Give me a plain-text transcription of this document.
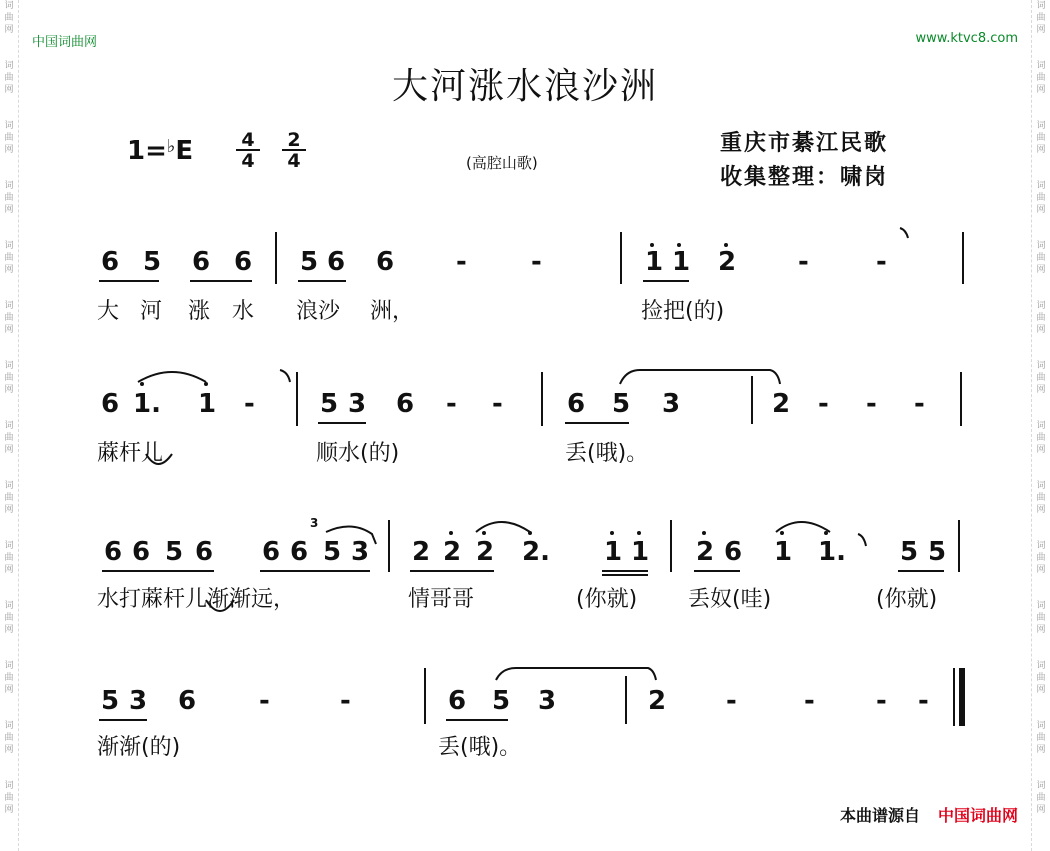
词曲网
词曲网
词曲网
词曲网
词曲网
词曲网
词曲网
词曲网
词曲网
词曲网
词曲网
词曲网
词曲网
词曲网
词曲网
词曲网
词曲网
词曲网
词曲网
词曲网
词曲网
词曲网
词曲网
词曲网
词曲网
词曲网
词曲网
词曲网
中国词曲网	www.ktvc8.com
大河涨水浪沙洲
$1=^♭E \frac{4}{4} \frac{2}{4}$	(高腔山歌)
重庆市綦江民歌
收集整理：啸岗
6 5 6 6 5 6 6 - -	1 1 2 -	-
大 河 涨 水 浪沙 洲，	捡把(的)
6 1. 1 -	5 3 6 - - 6 5 3	2 - - -
蔴杆儿	顺水(的)	丢(哦)。
6 6 5 6 6 6 5 3
3
2 2 2 2. 1 1 2 6 1 1. 5 5
水打蔴杆儿渐渐远，	情哥哥	(你就) 丢奴(哇)	(你就)
5 3 6 -	-	6 5 3	2 -	- - -
渐渐(的)	丢(哦)。
本曲谱源自 中国词曲网
